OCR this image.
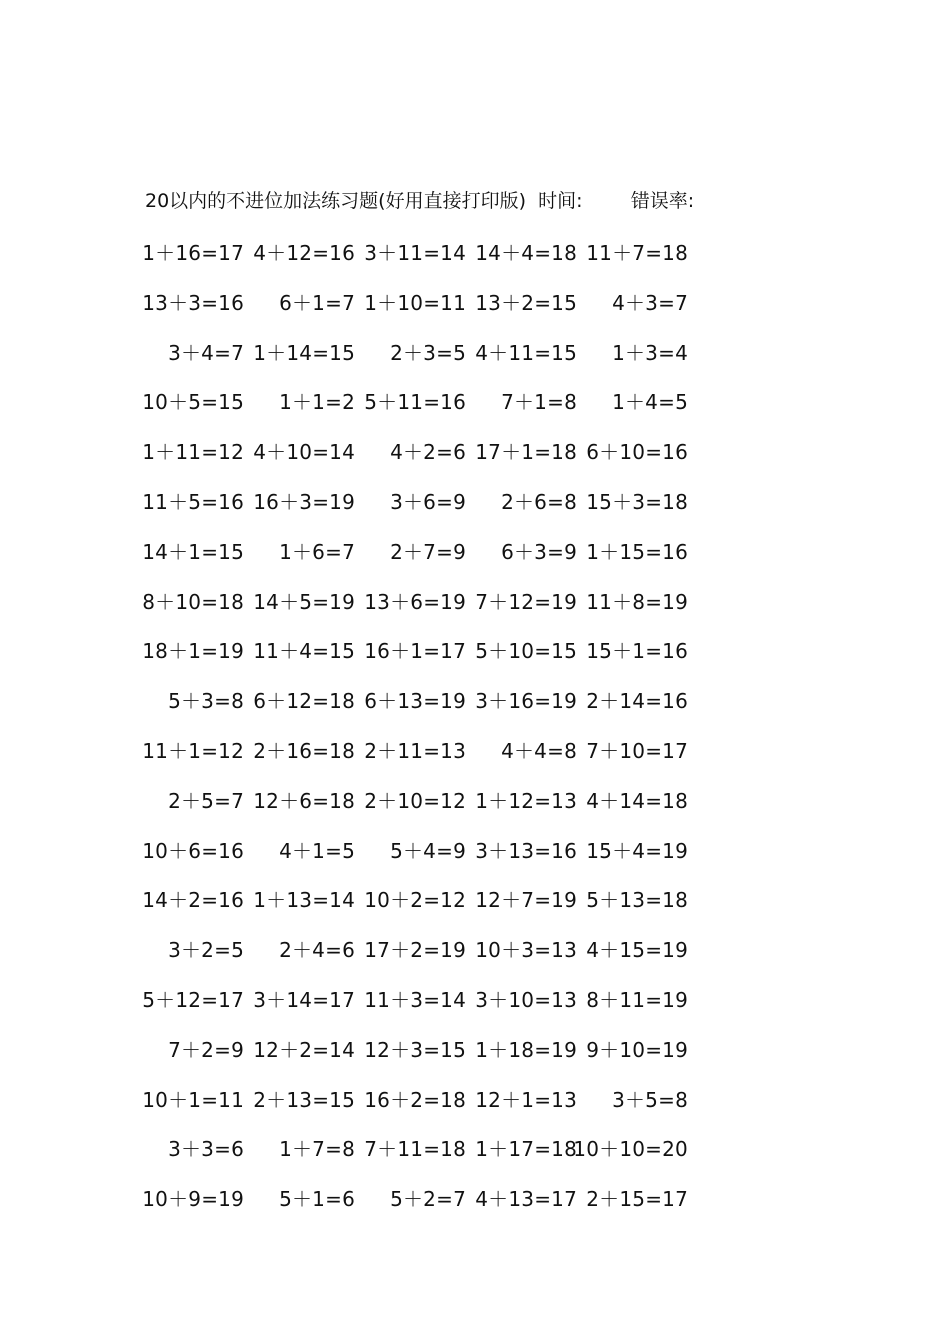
20以内的不进位加法练习题(好用直接打印版)  时间:        错误率:
1＋16=17 4＋12=16 3＋11=14 14＋4=18 11＋7=18
13＋3=16 6＋1=7 1＋10=11 13＋2=15 4＋3=7
3＋4=7 1＋14=15 2＋3=5 4＋11=15 1＋3=4
10＋5=15 1＋1=2 5＋11=16 7＋1=8 1＋4=5
1＋11=12 4＋10=14 4＋2=6 17＋1=18 6＋10=16
11＋5=16 16＋3=19 3＋6=9 2＋6=8 15＋3=18
14＋1=15 1＋6=7 2＋7=9 6＋3=9 1＋15=16
8＋10=18 14＋5=19 13＋6=19 7＋12=19 11＋8=19
18＋1=19 11＋4=15 16＋1=17 5＋10=15 15＋1=16
5＋3=8 6＋12=18 6＋13=19 3＋16=19 2＋14=16
11＋1=12 2＋16=18 2＋11=13 4＋4=8 7＋10=17
2＋5=7 12＋6=18 2＋10=12 1＋12=13 4＋14=18
10＋6=16 4＋1=5 5＋4=9 3＋13=16 15＋4=19
14＋2=16 1＋13=14 10＋2=12 12＋7=19 5＋13=18
3＋2=5 2＋4=6 17＋2=19 10＋3=13 4＋15=19
5＋12=17 3＋14=17 11＋3=14 3＋10=13 8＋11=19
7＋2=9 12＋2=14 12＋3=15 1＋18=19 9＋10=19
10＋1=11 2＋13=15 16＋2=18 12＋1=13 3＋5=8
3＋3=6 1＋7=8 7＋11=18 1＋17=18
10＋10=20
10＋9=19 5＋1=6 5＋2=7 4＋13=17 2＋15=17
